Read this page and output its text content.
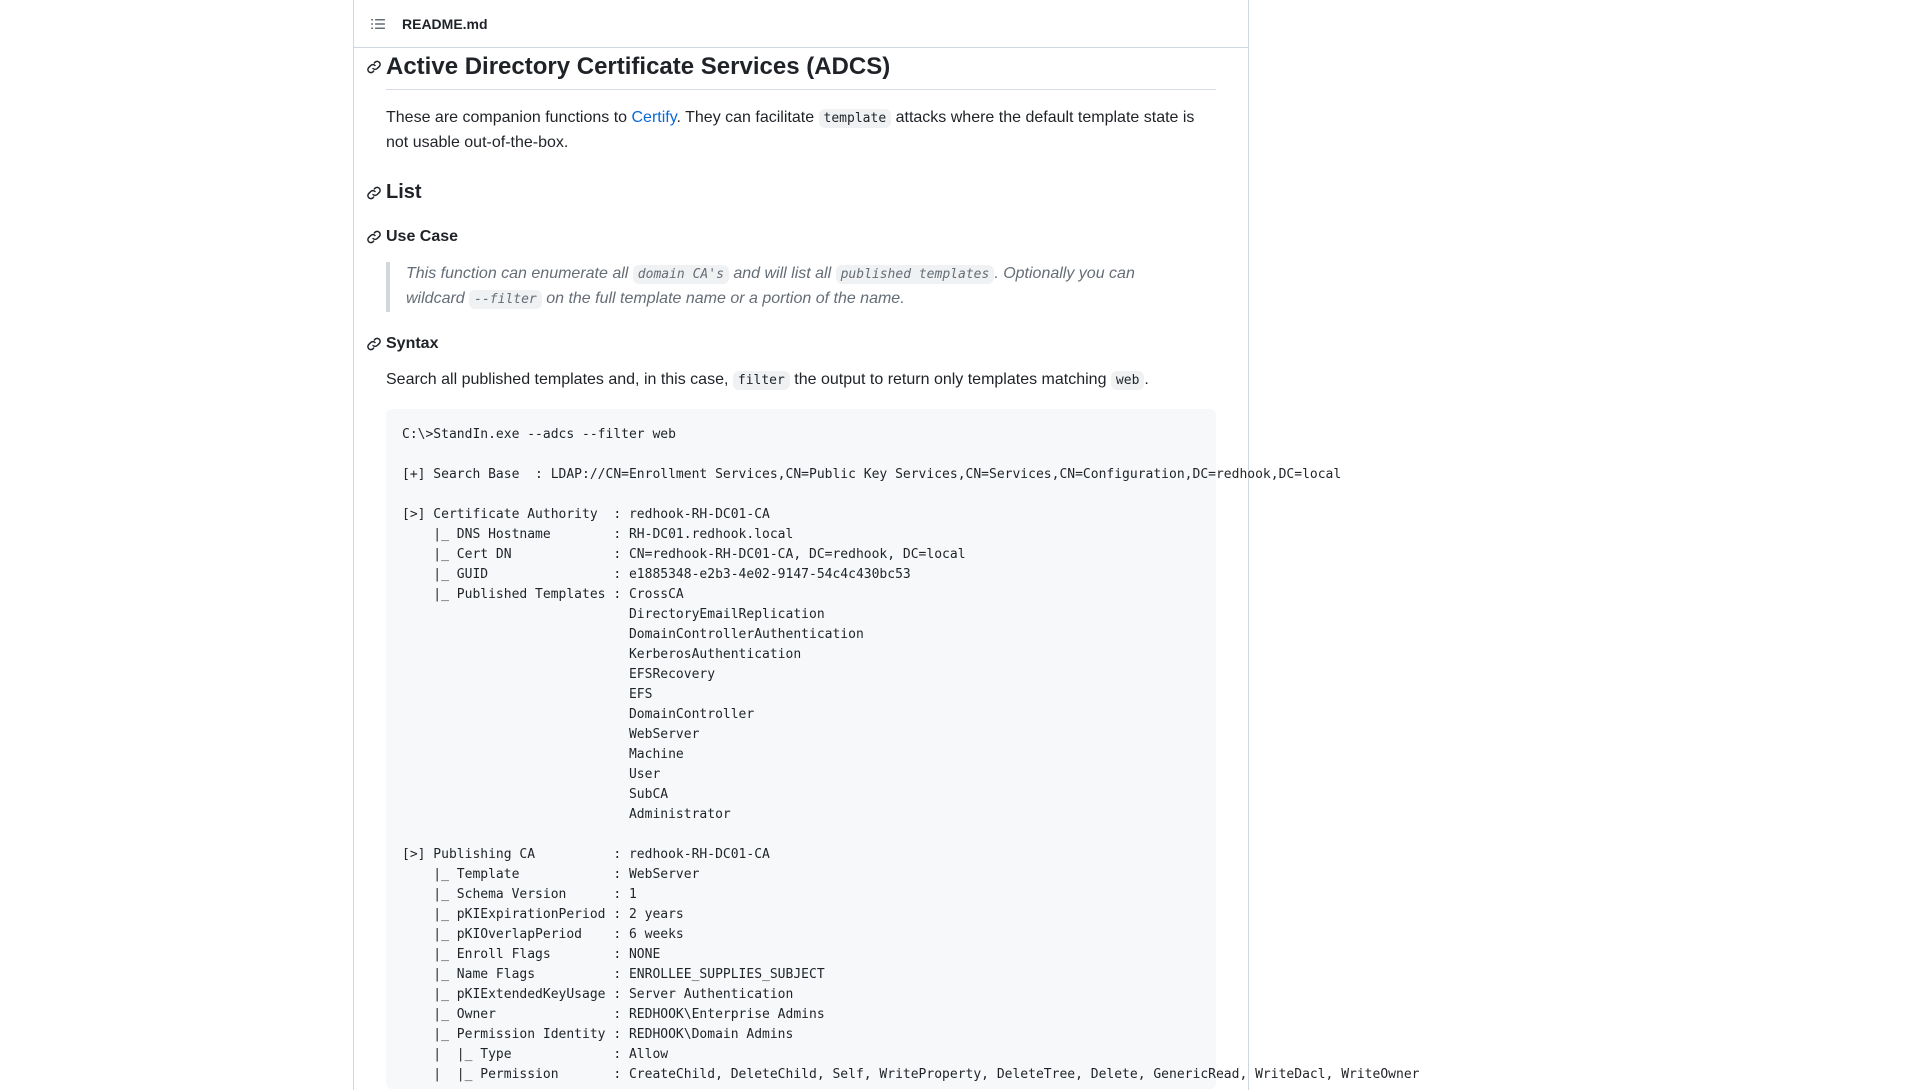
README.md
Active Directory Certificate Services (ADCS)

These are companion functions to Certify. They can facilitate template attacks where the default template state is not usable out-of-the-box.

List
Use Case
This function can enumerate all domain CA's and will list all published templates . Optionally you can wildcard --filter on the full template name or a portion of the name.
Syntax

Search all published templates and, in this case, filter the output to return only templates matching web .

C:\>StandIn.exe --adcs --filter web

[+] Search Base  : LDAP://CN=Enrollment Services,CN=Public Key Services,CN=Services,CN=Configuration,DC=redhook,DC=local

[>] Certificate Authority  : redhook-RH-DC01-CA
|_ DNS Hostname        : RH-DC01.redhook.local
|_ Cert DN             : CN=redhook-RH-DC01-CA, DC=redhook, DC=local
|_ GUID                : e1885348-e2b3-4e02-9147-54c4c430bc53
|_ Published Templates : CrossCA
DirectoryEmailReplication
DomainControllerAuthentication
KerberosAuthentication
EFSRecovery
EFS
DomainController
WebServer
Machine
User
SubCA
Administrator

[>] Publishing CA          : redhook-RH-DC01-CA
|_ Template            : WebServer
|_ Schema Version      : 1
|_ pKIExpirationPeriod : 2 years
|_ pKIOverlapPeriod    : 6 weeks
|_ Enroll Flags        : NONE
|_ Name Flags          : ENROLLEE_SUPPLIES_SUBJECT
|_ pKIExtendedKeyUsage : Server Authentication
|_ Owner               : REDHOOK\Enterprise Admins
|_ Permission Identity : REDHOOK\Domain Admins
|  |_ Type             : Allow
|  |_ Permission       : CreateChild, DeleteChild, Self, WriteProperty, DeleteTree, Delete, GenericRead, WriteDacl, WriteOwner
